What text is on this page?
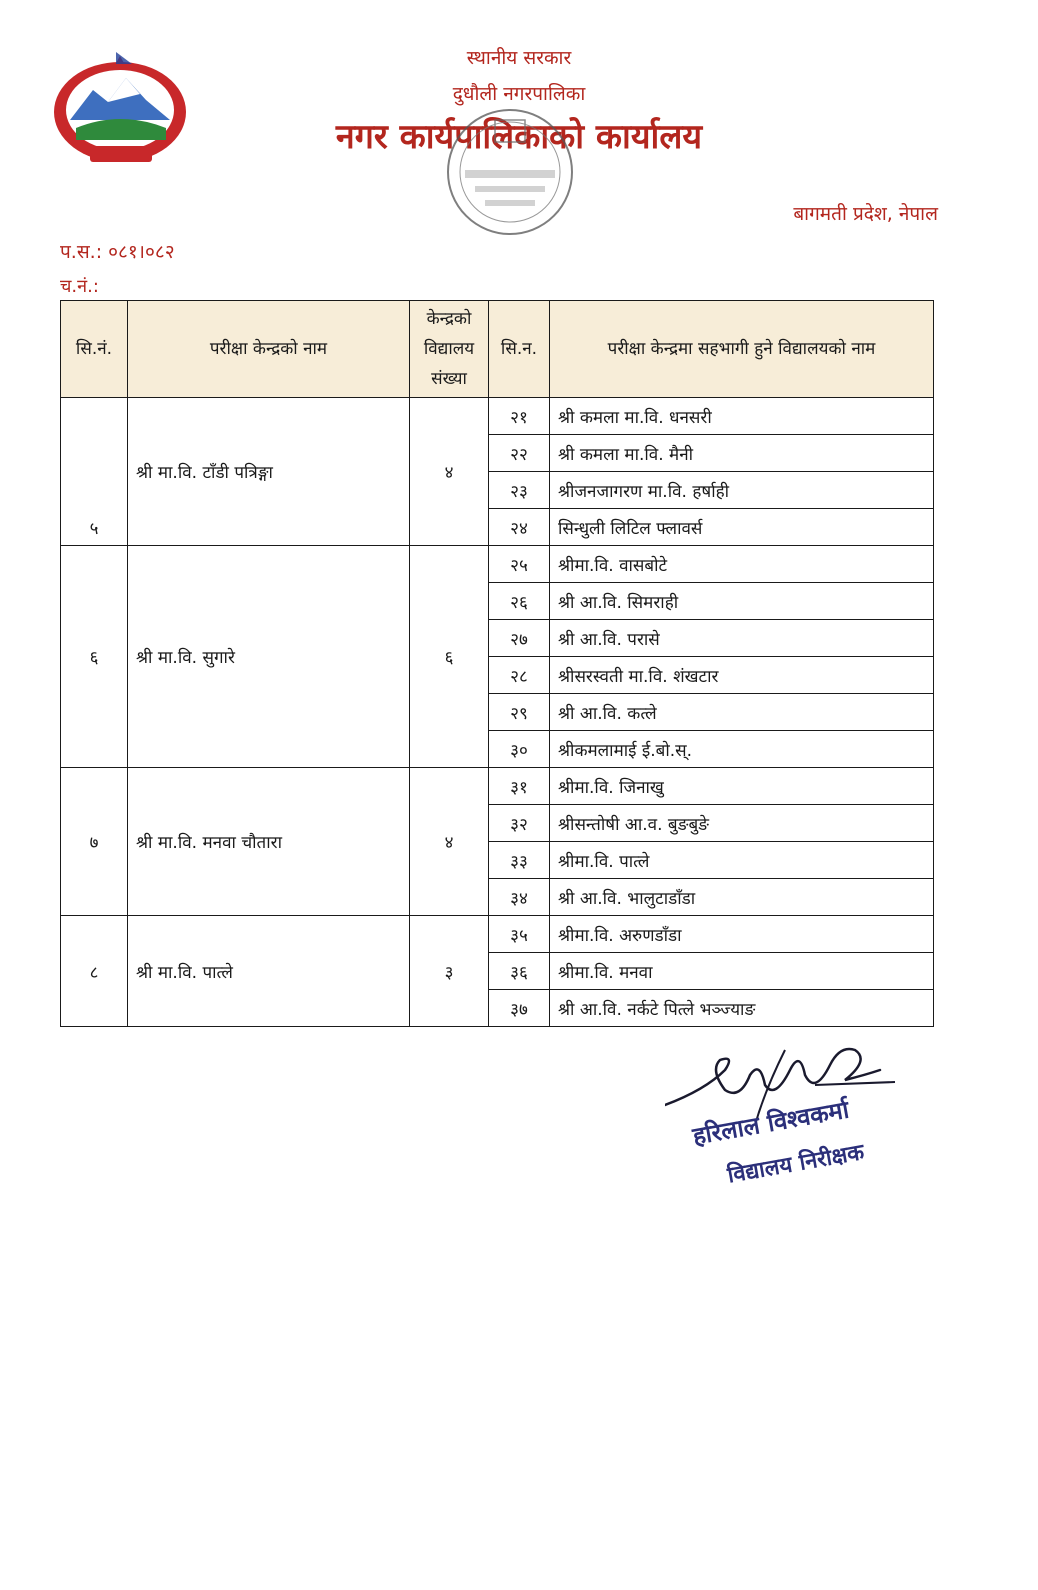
स्थानीय सरकार
दुधौली नगरपालिका
नगर कार्यपालिकाको कार्यालय
बागमती प्रदेश, नेपाल
प.स.: ०८१।०८२
च.नं.:
सि.नं.	परीक्षा केन्द्रको नाम	केन्द्रको
विद्यालय
संख्या	सि.न.	परीक्षा केन्द्रमा सहभागी हुने विद्यालयको नाम
५	श्री मा.वि. टाँडी पत्रिङ्गा	४	२१	श्री कमला मा.वि. धनसरी
			२२	श्री कमला मा.वि. मैनी
			२३	श्रीजनजागरण मा.वि. हर्षाही
			२४	सिन्धुली लिटिल फ्लावर्स
६	श्री मा.वि. सुगारे	६	२५	श्रीमा.वि. वासबोटे
			२६	श्री आ.वि. सिमराही
			२७	श्री आ.वि. परासे
			२८	श्रीसरस्वती मा.वि. शंखटार
			२९	श्री आ.वि. कत्ले
			३०	श्रीकमलामाई ई.बो.स्.
७	श्री मा.वि. मनवा चौतारा	४	३१	श्रीमा.वि. जिनाखु
			३२	श्रीसन्तोषी आ.व. बुङबुङे
			३३	श्रीमा.वि. पात्ले
			३४	श्री आ.वि. भालुटाडाँडा
८	श्री मा.वि. पात्ले	३	३५	श्रीमा.वि. अरुणडाँडा
			३६	श्रीमा.वि. मनवा
			३७	श्री आ.वि. नर्कटे पित्ले भञ्ज्याङ
हरिलाल विश्वकर्मा
विद्यालय निरीक्षक
